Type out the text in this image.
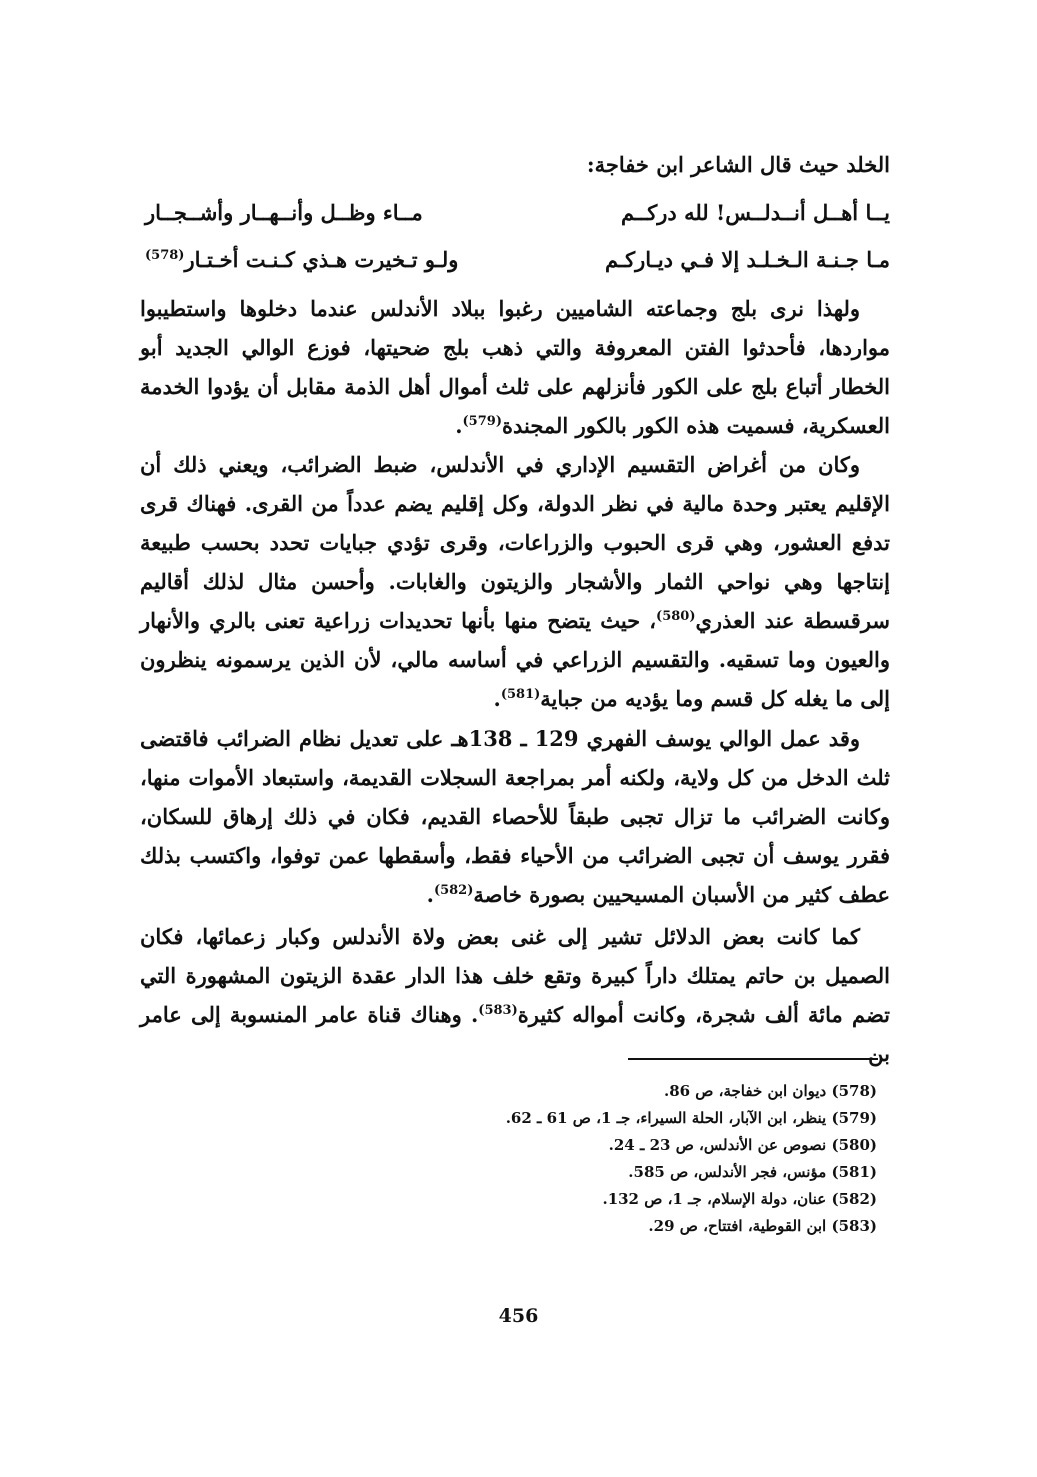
الخلد حيث قال الشاعر ابن خفاجة:
يــا أهــل أنــدلــس! لله دركــم
مــاء وظــل وأنــهــار وأشــجــار
مـا جـنـة الـخـلـد إلا فـي ديـاركـم
ولـو تـخيرت هـذي كـنـت أخـتـار$^{(578)}$

ولهذا نرى بلج وجماعته الشاميين رغبوا ببلاد الأندلس عندما دخلوها واستطيبوا مواردها، فأحدثوا الفتن المعروفة والتي ذهب بلج ضحيتها، فوزع الوالي الجديد أبو الخطار أتباع بلج على الكور فأنزلهم على ثلث أموال أهل الذمة مقابل أن يؤدوا الخدمة العسكرية، فسميت هذه الكور بالكور المجندة$^{(579)}$.

وكان من أغراض التقسيم الإداري في الأندلس، ضبط الضرائب، ويعني ذلك أن الإقليم يعتبر وحدة مالية في نظر الدولة، وكل إقليم يضم عدداً من القرى. فهناك قرى تدفع العشور، وهي قرى الحبوب والزراعات، وقرى تؤدي جبايات تحدد بحسب طبيعة إنتاجها وهي نواحي الثمار والأشجار والزيتون والغابات. وأحسن مثال لذلك أقاليم سرقسطة عند العذري$^{(580)}$، حيث يتضح منها بأنها تحديدات زراعية تعنى بالري والأنهار والعيون وما تسقيه. والتقسيم الزراعي في أساسه مالي، لأن الذين يرسمونه ينظرون إلى ما يغله كل قسم وما يؤديه من جباية$^{(581)}$.

وقد عمل الوالي يوسف الفهري 129 ـ 138هـ على تعديل نظام الضرائب فاقتضى ثلث الدخل من كل ولاية، ولكنه أمر بمراجعة السجلات القديمة، واستبعاد الأموات منها، وكانت الضرائب ما تزال تجبى طبقاً للأحصاء القديم، فكان في ذلك إرهاق للسكان، فقرر يوسف أن تجبى الضرائب من الأحياء فقط، وأسقطها عمن توفوا، واكتسب بذلك عطف كثير من الأسبان المسيحيين بصورة خاصة$^{(582)}$.

كما كانت بعض الدلائل تشير إلى غنى بعض ولاة الأندلس وكبار زعمائها، فكان الصميل بن حاتم يمتلك داراً كبيرة وتقع خلف هذا الدار عقدة الزيتون المشهورة التي تضم مائة ألف شجرة، وكانت أمواله كثيرة$^{(583)}$. وهناك قناة عامر المنسوبة إلى عامر بن

(578) ديوان ابن خفاجة، ص 86.
(579) ينظر، ابن الآبار، الحلة السيراء، جـ 1، ص 61 ـ 62.
(580) نصوص عن الأندلس، ص 23 ـ 24.
(581) مؤنس، فجر الأندلس، ص 585.
(582) عنان، دولة الإسلام، جـ 1، ص 132.
(583) ابن القوطية، افتتاح، ص 29.
456
